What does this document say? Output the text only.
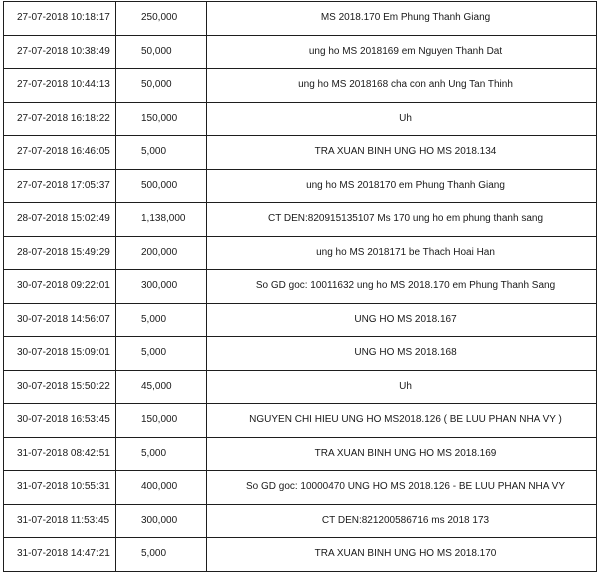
27-07-2018 10:18:17	250,000	MS 2018.170 Em Phung Thanh Giang
27-07-2018 10:38:49	50,000	ung ho MS 2018169 em Nguyen Thanh Dat
27-07-2018 10:44:13	50,000	ung ho MS 2018168 cha con anh Ung Tan Thinh
27-07-2018 16:18:22	150,000	Uh
27-07-2018 16:46:05	5,000	TRA XUAN BINH UNG HO MS 2018.134
27-07-2018 17:05:37	500,000	ung ho MS 2018170 em Phung Thanh Giang
28-07-2018 15:02:49	1,138,000	CT DEN:820915135107 Ms 170 ung ho em phung thanh sang
28-07-2018 15:49:29	200,000	ung ho MS 2018171 be Thach Hoai Han
30-07-2018 09:22:01	300,000	So GD goc: 10011632 ung ho MS 2018.170 em Phung Thanh Sang
30-07-2018 14:56:07	5,000	UNG HO MS 2018.167
30-07-2018 15:09:01	5,000	UNG HO MS 2018.168
30-07-2018 15:50:22	45,000	Uh
30-07-2018 16:53:45	150,000	NGUYEN CHI HIEU UNG HO MS2018.126 ( BE LUU PHAN NHA VY )
31-07-2018 08:42:51	5,000	TRA XUAN BINH UNG HO MS 2018.169
31-07-2018 10:55:31	400,000	So GD goc: 10000470 UNG HO MS 2018.126 - BE LUU PHAN NHA VY
31-07-2018 11:53:45	300,000	CT DEN:821200586716 ms 2018 173
31-07-2018 14:47:21	5,000	TRA XUAN BINH UNG HO MS 2018.170
